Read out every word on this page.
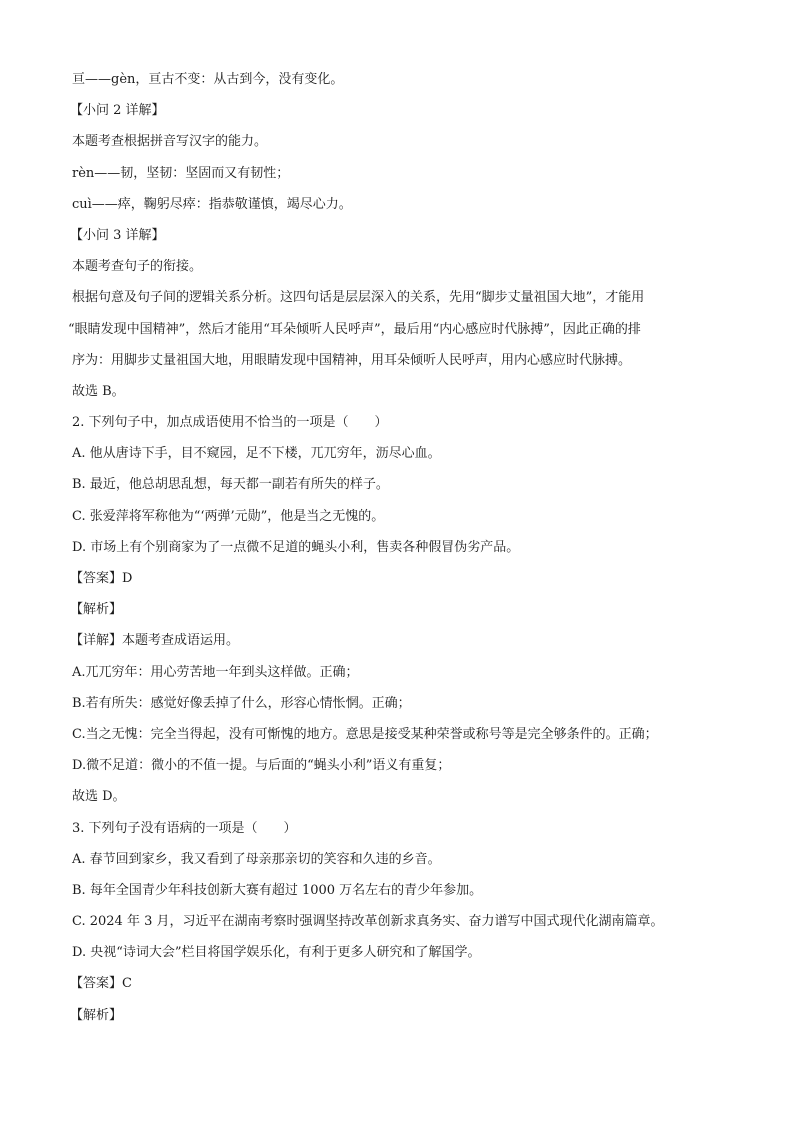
亘——gèn，亘古不变：从古到今，没有变化。
【小问 2 详解】
本题考查根据拼音写汉字的能力。
rèn——韧，坚韧：坚固而又有韧性；
cuì——瘁，鞠躬尽瘁：指恭敬谨慎，竭尽心力。
【小问 3 详解】
本题考查句子的衔接。
根据句意及句子间的逻辑关系分析。这四句话是层层深入的关系，先用“脚步丈量祖国大地”，才能用
“眼睛发现中国精神”，然后才能用“耳朵倾听人民呼声”，最后用“内心感应时代脉搏”，因此正确的排
序为：用脚步丈量祖国大地，用眼睛发现中国精神，用耳朵倾听人民呼声，用内心感应时代脉搏。
故选 B。
2. 下列句子中，加点成语使用不恰当的一项是（　　）
A. 他从唐诗下手，目不窥园，足不下楼，兀兀穷年，沥尽心血。
B. 最近，他总胡思乱想，每天都一副若有所失的样子。
C. 张爱萍将军称他为“‘两弹’元勋”，他是当之无愧的。
D. 市场上有个别商家为了一点微不足道的蝇头小利，售卖各种假冒伪劣产品。
【答案】D
【解析】
【详解】本题考查成语运用。
A.兀兀穷年：用心劳苦地一年到头这样做。正确；
B.若有所失：感觉好像丢掉了什么，形容心情怅惘。正确；
C.当之无愧：完全当得起，没有可惭愧的地方。意思是接受某种荣誉或称号等是完全够条件的。正确；
D.微不足道：微小的不值一提。与后面的“蝇头小利”语义有重复；
故选 D。
3. 下列句子没有语病的一项是（　　）
A. 春节回到家乡，我又看到了母亲那亲切的笑容和久违的乡音。
B. 每年全国青少年科技创新大赛有超过 1000 万名左右的青少年参加。
C. 2024 年 3 月，习近平在湖南考察时强调坚持改革创新求真务实、奋力谱写中国式现代化湖南篇章。
D. 央视“诗词大会”栏目将国学娱乐化，有利于更多人研究和了解国学。
【答案】C
【解析】
